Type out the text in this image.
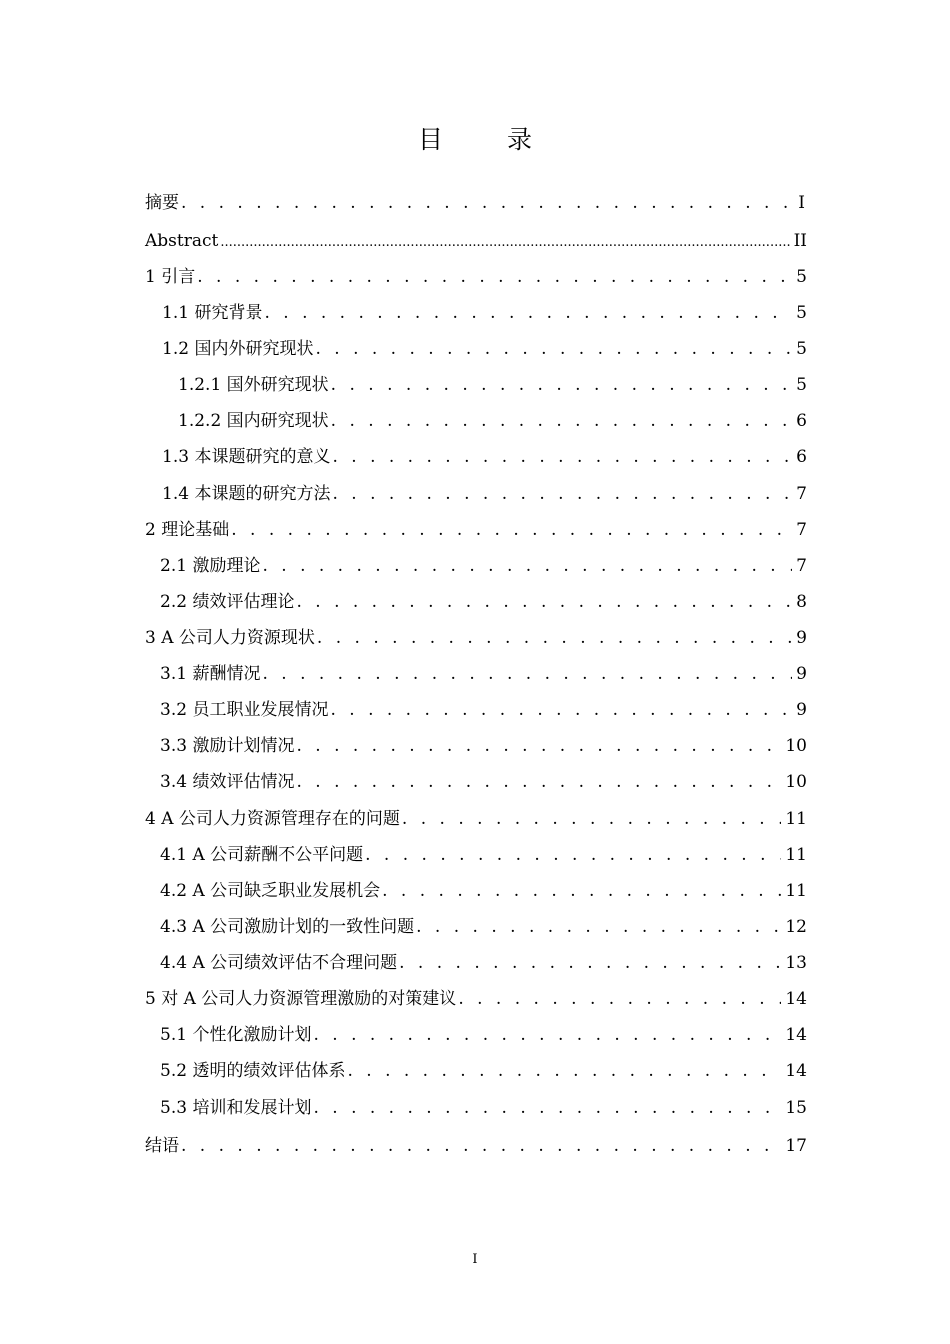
目 录
摘要 . . .	I
Abstract .....	II
1 引言 . . .	5
1.1 研究背景 . . .	5
1.2 国内外研究现状 . . .	5
1.2.1 国外研究现状 . . .	5
1.2.2 国内研究现状 . . .	6
1.3 本课题研究的意义 . . .	6
1.4 本课题的研究方法 . . .	7
2 理论基础 . . .	7
2.1 激励理论 . . .	7
2.2 绩效评估理论 . . .	8
3 A 公司人力资源现状 . . .	9
3.1 薪酬情况 . . .	9
3.2 员工职业发展情况 . . .	9
3.3 激励计划情况 . . .	10
3.4 绩效评估情况 . . .	10
4 A 公司人力资源管理存在的问题 . . .	11
4.1 A 公司薪酬不公平问题 . . .	11
4.2 A 公司缺乏职业发展机会 . . .	11
4.3 A 公司激励计划的一致性问题 . . .	12
4.4 A 公司绩效评估不合理问题 . . .	13
5 对 A 公司人力资源管理激励的对策建议 . . .	14
5.1 个性化激励计划 . . .	14
5.2 透明的绩效评估体系 . . .	14
5.3 培训和发展计划 . . .	15
结语 . . .	17
I
